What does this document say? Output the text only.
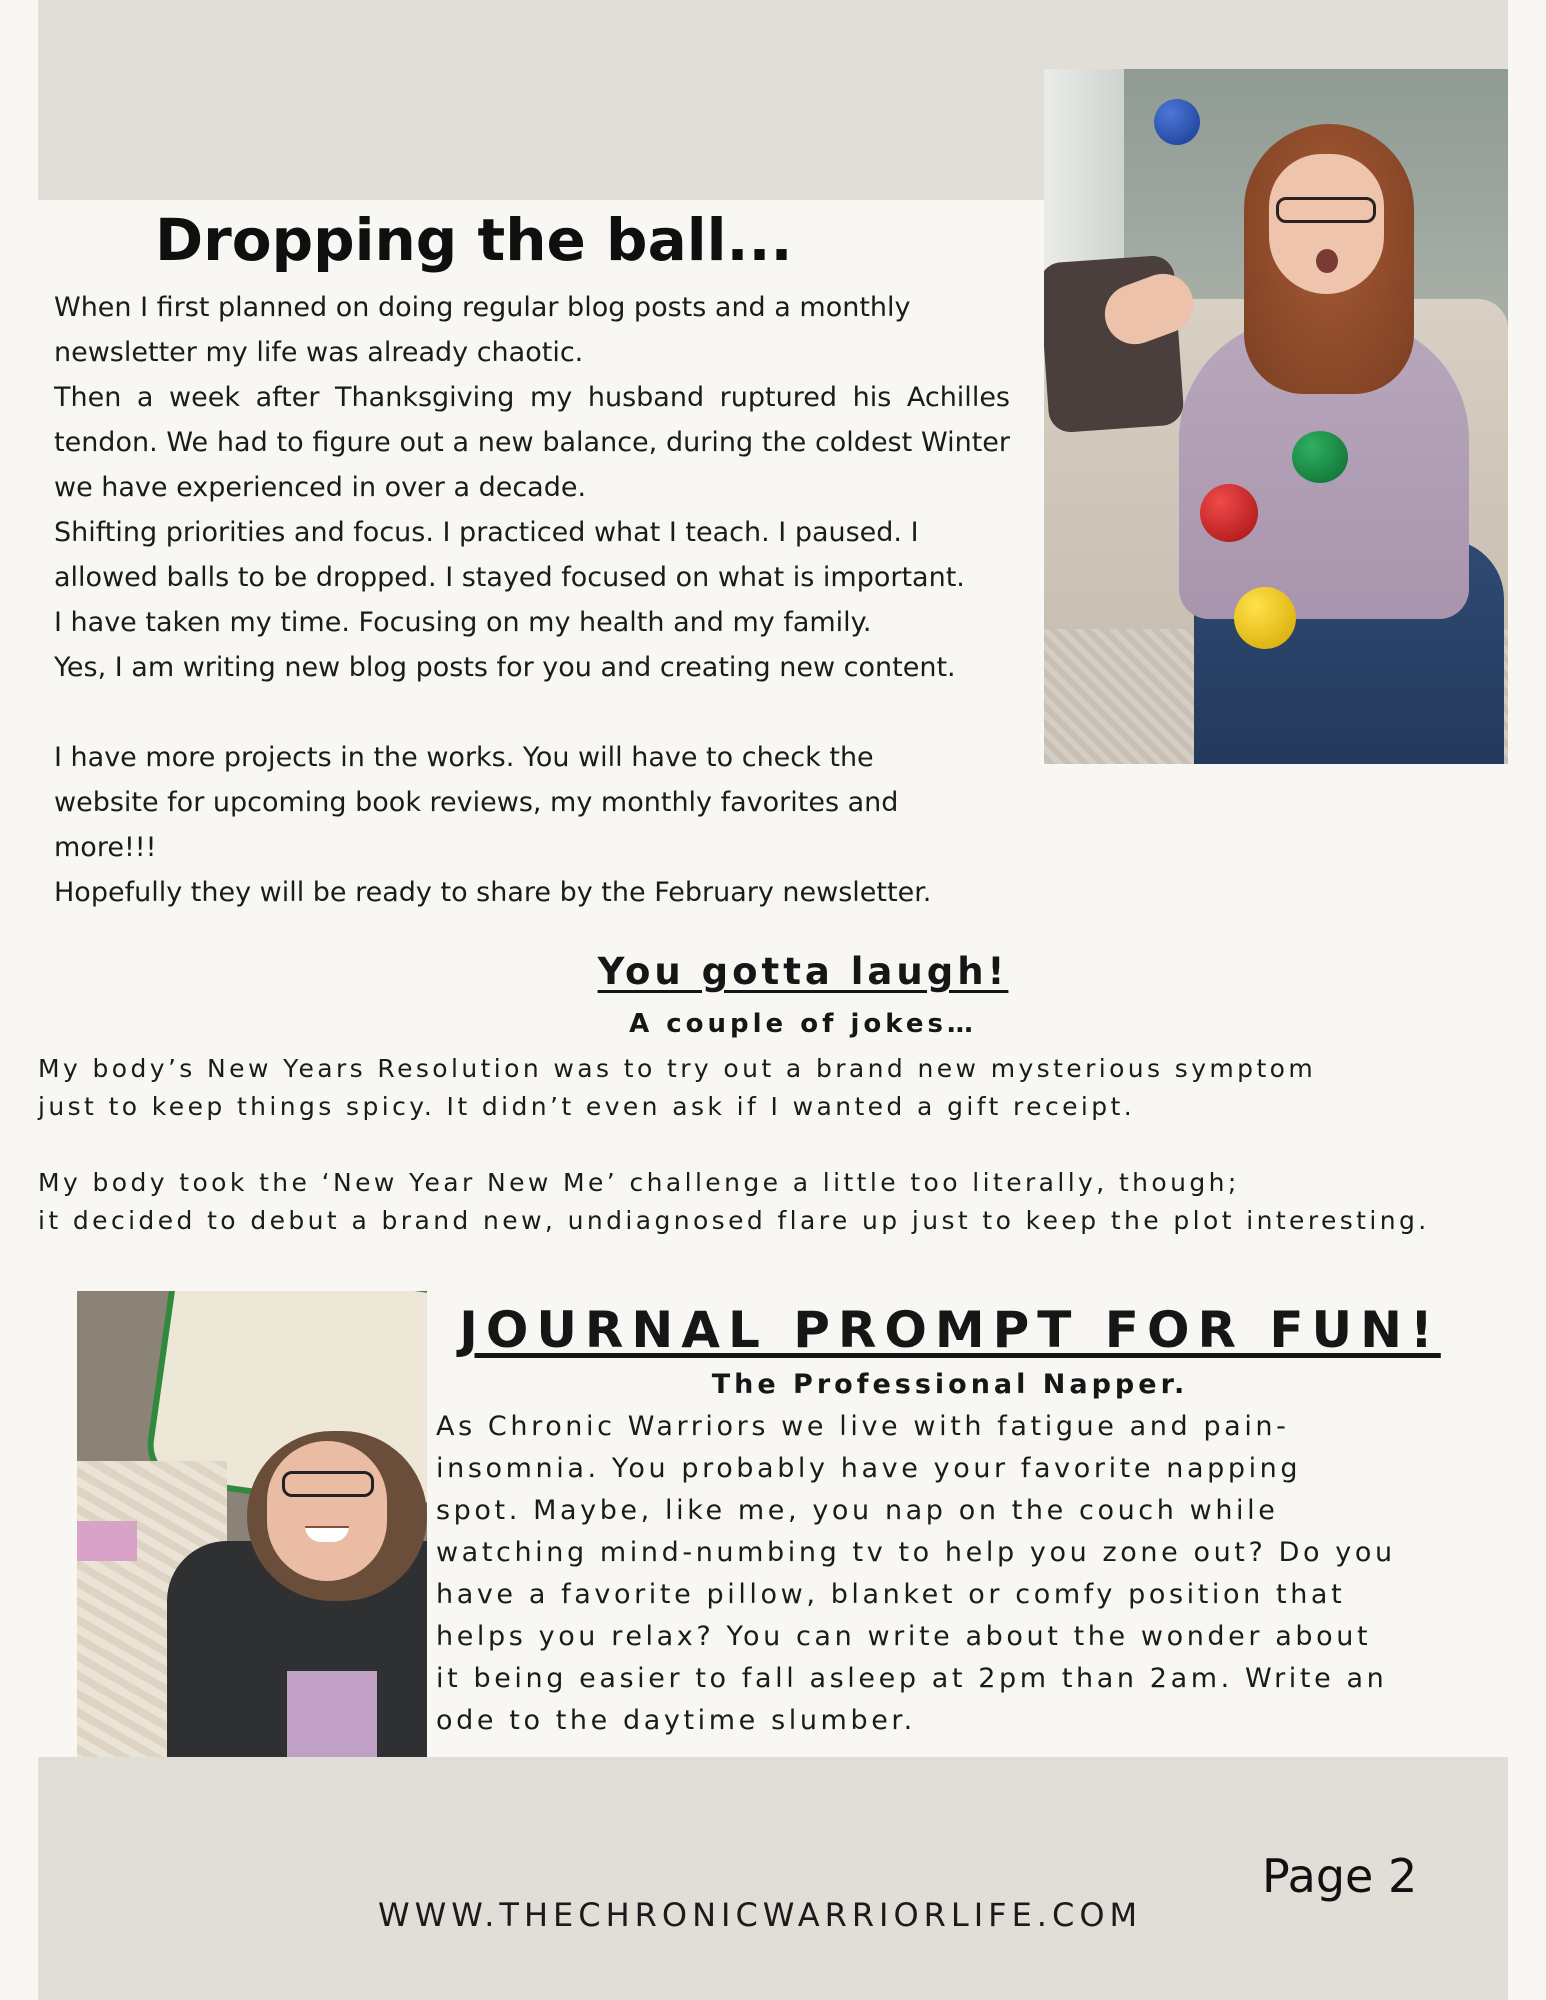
Dropping the ball...

When I first planned on doing regular blog posts and a monthly

newsletter my life was already chaotic.

Then a week after Thanksgiving my husband ruptured his Achilles tendon. We had to figure out a new balance, during the coldest Winter we have experienced in over a decade.

Shifting priorities and focus. I practiced what I teach. I paused. I

allowed balls to be dropped. I stayed focused on what is important.

I have taken my time. Focusing on my health and my family.

Yes, I am writing new blog posts for you and creating new content.

I have more projects in the works. You will have to check the

website for upcoming book reviews, my monthly favorites and

more!!!

Hopefully they will be ready to share by the February newsletter.

You gotta laugh!
A couple of jokes…

My body’s New Years Resolution was to try out a brand new mysterious symptom

just to keep things spicy. It didn’t even ask if I wanted a gift receipt.

My body took the ‘New Year New Me’ challenge a little too literally, though;

it decided to debut a brand new, undiagnosed flare up just to keep the plot interesting.

JOURNAL PROMPT FOR FUN!
The Professional Napper.

As Chronic Warriors we live with fatigue and pain-

insomnia. You probably have your favorite napping

spot. Maybe, like me, you nap on the couch while

watching mind-numbing tv to help you zone out? Do you

have a favorite pillow, blanket or comfy position that

helps you relax? You can write about the wonder about

it being easier to fall asleep at 2pm than 2am. Write an

ode to the daytime slumber.

Page 2
WWW.THECHRONICWARRIORLIFE.COM
